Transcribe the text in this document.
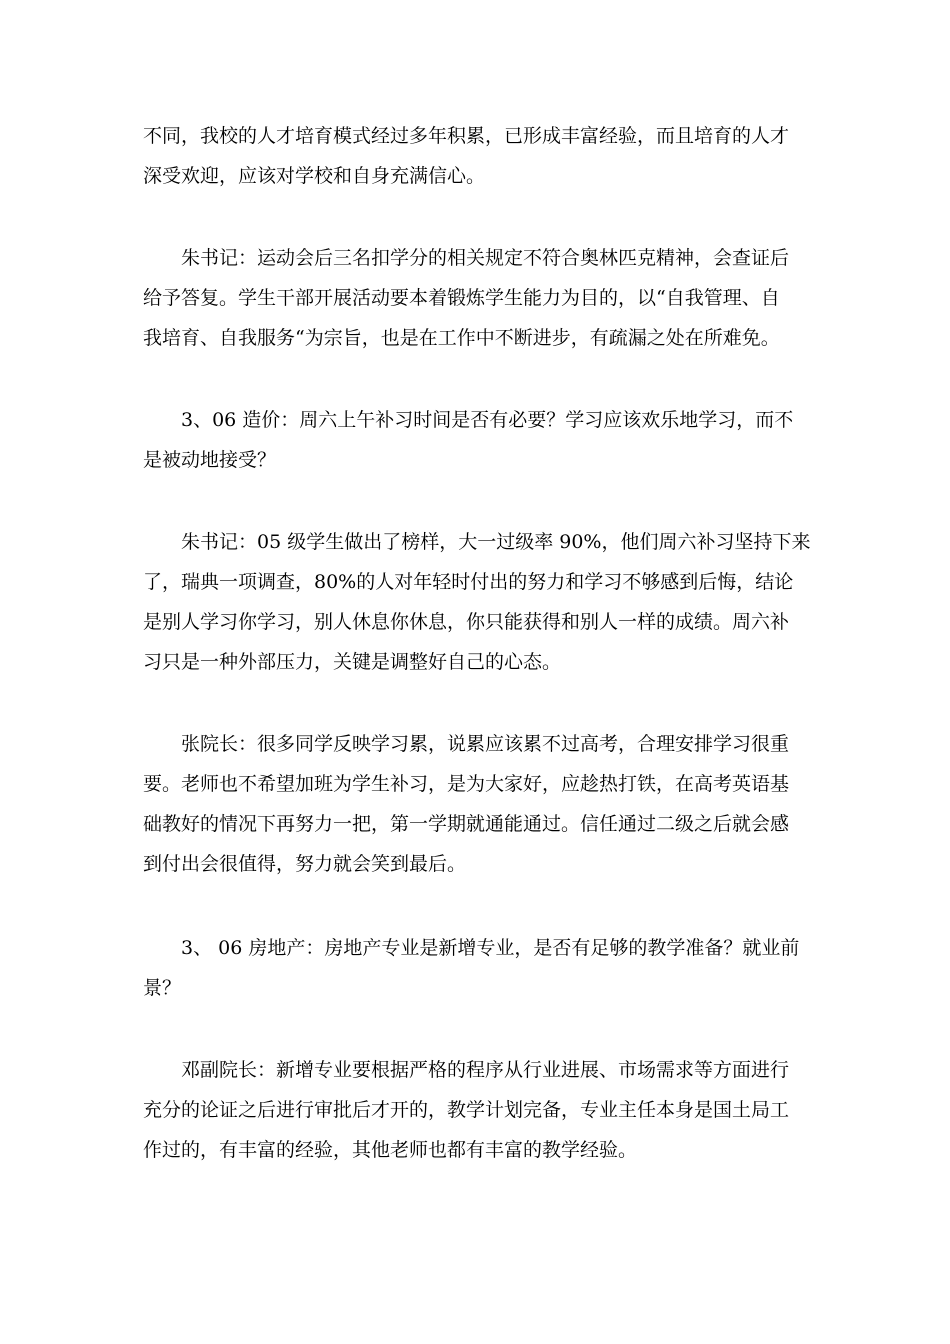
不同，我校的人才培育模式经过多年积累，已形成丰富经验，而且培育的人才
深受欢迎，应该对学校和自身充满信心。
朱书记：运动会后三名扣学分的相关规定不符合奥林匹克精神，会查证后
给予答复。学生干部开展活动要本着锻炼学生能力为目的，以“自我管理、自
我培育、自我服务“为宗旨，也是在工作中不断进步，有疏漏之处在所难免。
3、06 造价：周六上午补习时间是否有必要？学习应该欢乐地学习，而不
是被动地接受？
朱书记：05 级学生做出了榜样，大一过级率 90%，他们周六补习坚持下来
了，瑞典一项调查，80%的人对年轻时付出的努力和学习不够感到后悔，结论
是别人学习你学习，别人休息你休息，你只能获得和别人一样的成绩。周六补
习只是一种外部压力，关键是调整好自己的心态。
张院长：很多同学反映学习累，说累应该累不过高考，合理安排学习很重
要。老师也不希望加班为学生补习，是为大家好，应趁热打铁，在高考英语基
础教好的情况下再努力一把，第一学期就通能通过。信任通过二级之后就会感
到付出会很值得，努力就会笑到最后。
3、 06 房地产：房地产专业是新增专业，是否有足够的教学准备？就业前
景？
邓副院长：新增专业要根据严格的程序从行业进展、市场需求等方面进行
充分的论证之后进行审批后才开的，教学计划完备，专业主任本身是国土局工
作过的，有丰富的经验，其他老师也都有丰富的教学经验。
